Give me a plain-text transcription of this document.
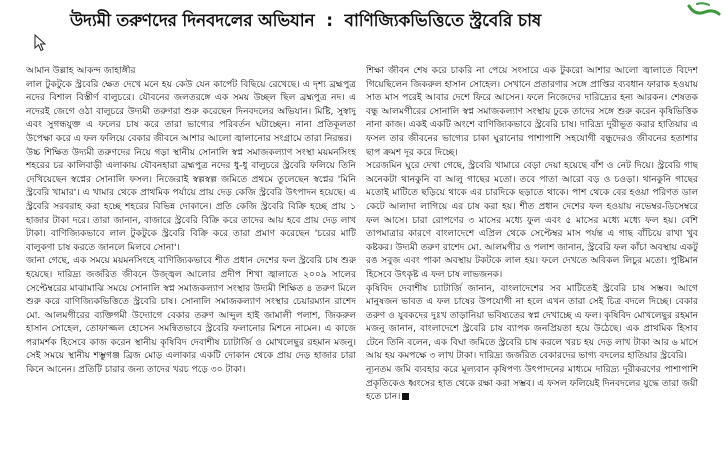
উদ্যমী তরুণদের দিনবদলের অভিযান : বাণিজ্যিকভিত্তিতে স্ট্রবেরি চাষ

আমান উল্লাহ আকন্দ জাহাঙ্গীর

লাল টুকটুকে স্ট্রবেরি ক্ষেত দেখে মনে হয় কেউ যেন কার্পেট বিছিয়ে রেখেছে। এ দৃশ্য ব্রহ্মপুত্র নদের বিশাল বিস্তীর্ণ বালুচরে। যৌবনের জলতরঙ্গে এক সময় উচ্ছল ছিল ব্রহ্মপুত্র নদ। এ নদেরই জেগে ওঠা বালুচরে উদ্যমী তরুণরা শুরু করেছেন দিনবদলের অভিযান। মিষ্টি, সুস্বাদু এবং সুগন্ধযুক্ত এ ফলের চাষ করে তারা ভাগ্যের পরিবর্তন ঘটাচ্ছেন। নানা প্রতিকূলতা উপেক্ষা করে এ ফল ফলিয়ে বেকার জীবনে আশার আলো জ্বালানোর সংগ্রামে তারা নিরন্তর।

উচ্চ শিক্ষিত উদ্যমী তরুণদের নিয়ে গড়া স্থানীয় সোনালি স্বপ্ন সমাজকল্যাণ সংস্থা ময়মনসিংহ শহরের চর কালিবাড়ী এলাকায় যৌবনহারা ব্রহ্মপুত্র নদের ধু-ধু বালুচরে স্ট্রবেরি ফলিয়ে তিনি দেখিয়েছেন স্বপ্নের সোনালি ফসল। নিজেরাই স্বল্পস্বল্প জমিতে প্রথমে তুলেছেন স্বপ্নের 'মিনি স্ট্রবেরি খামার'। এ খামার থেকে প্রাথমিক পর্যায়ে প্রায় দেড় কেজি স্ট্রবেরি উৎপাদন হয়েছে। এ স্ট্রবেরি সরবরাহ করা হচ্ছে শহরের বিভিন্ন দোকানে। প্রতি কেজি স্ট্রবেরি বিক্রি হচ্ছে প্রায় ১ হাজার টাকা দরে। তারা জানান, বাজারে স্ট্রবেরি বিক্রি করে তাদের আয় হবে প্রায় দেড় লাখ টাকা। বাণিজ্যিকভাবে লাল টুকটুকে স্ট্রবেরি বিক্রি করে তারা প্রমাণ করেছেন 'চরের মাটি বালুকণা চাষ করতে জানলে মিলবে সোনা'।

জানা গেছে, এক সময়ে ময়মনসিংহে বাণিজ্যিকভাবে শীত প্রধান দেশের ফল স্ট্রবেরি চাষ শুরু হয়েছে। দারিদ্র্য জর্জরিত জীবনে উজ্জ্বল আলোর প্রদীপ শিখা জ্বালাতে ২০০৯ সালের সেপ্টেম্বরের মাঝামাঝি সময়ে সোনালি স্বপ্ন সমাজকল্যাণ সংস্থার উদ্যমী শিক্ষিত ৪ তরুণ মিলে শুরু করে বাণিজ্যিকভিত্তিতে স্ট্রবেরি চাষ। সোনালি সমাজকল্যাণ সংস্থার চেয়ারম্যান রাশেদ মো. আলমগীরের ব্যক্তিগমী উদ্যোগে বেকার তরুণ আব্দুল হাই জামালী পলাশ, জিকরুল হাসান সোহেল, তোফাজ্জল হোসেন সমন্বিতভাবে স্ট্রবেরি ফলানোর মিশনে নামেন। এ কাজে পরামর্শক হিসেবে কাজ করেন স্থানীয় কৃষিবিদ দেবাশীষ চ্যাটার্জি ও মোখলেছুর রহমান মজনু। সেই সময়ে স্থানীয় শম্ভুগঞ্জ ব্রিজ মোড় এলাকার একটি দোকান থেকে প্রায় দেড় হাজার চারা কিনে আনেন। প্রতিটি চারার জন্য তাদের খরচ পড়ে ৩০ টাকা।

শিক্ষা জীবন শেষ করে চাকরি না পেয়ে সংসারে এক টুকরো আশার আলো জ্বালাতে বিদেশ গিয়েছিলেন জিকরুল হাসান সোহেল। সেখানে প্রতারণার সঙ্গে প্রাপ্তির ব্যবধান ফারাক হওয়ায় সাত মাস পরেই আবার দেশে ফিরে আসেন। ফলে নিজেদের দারিদ্র্যের হন্য আরকন। শেষতক বন্ধু আলমগীরের সোনালি স্বপ্ন সমাজকল্যাণ সংস্থায় ঢুকে তাদের সঙ্গে শুরু করেন কৃষিভিত্তিক নানা কাজ। একই একটি অংশে বাণিজ্যিকভাবে স্ট্রবেরি চাষ। দারিদ্র্য দুরীভূত করার হাতিয়ার এ ফসল তার জীবনের ভাগ্যের চাকা ঘুরানোর পাশাপাশি সহযোগী বন্ধুদেরও জীবনের হতাশার ছাপ ক্রমশ দূর করে দিচ্ছে।

সরেজমিন ঘুরে দেখা গেছে, স্ট্রবেরি খামারে বেড়া দেয়া হয়েছে বাঁশ ও নেট দিয়ে। স্ট্রবেরি গাছ অনেকটা থানকুনি বা আলু গাছের মতো। তবে পাতা আরো বড় ও চওড়া। থানকুনি গাছের মতোই মাটিতে ছড়িয়ে থাকে এর চারদিকে ছড়াতে থাকে। পাশ থেকে বের হওয়া পরিণত ডাল কেটে আলাদা লাগিয়ে এর চাষ করা হয়। শীত প্রধান দেশের ফল হওয়ায় নভেম্বর-ডিসেম্বরে ফল আসে। চারা রোপণের ৩ মাসের মধ্যে ফুল এবং ৫ মাসের মধ্যে মধ্যে ফল হয়। বেশি তাপমাত্রার কারণে বাংলাদেশে এপ্রিল থেকে সেপ্টেম্বর মাস পর্যন্ত এ গাছ বাঁচিয়ে রাখা খুব কষ্টকর। উদ্যমী তরুণ রাশেদ মো. আলমগীর ও পলাশ জানান, স্ট্রবেরি ফল কাঁচা অবস্থায় একটু রঙ সবুজ এবং পাকা অবস্থায় টকটকে লাল হয়। ফলে দেখতে অবিকল লিচুর মতো। পুষ্টিমান হিসেবে উৎকৃষ্ট এ ফল চাষ লাভজনক।

কৃষিবিদ দেবাশীষ চ্যাটার্জি জানান, বাংলাদেশের সব মাটিতেই স্ট্রবেরি চাষ সম্ভব। আগে মানুষজন ভাবত এ ফল চাষের উপযোগী না হলে এখন তারা সেই চিত্র বদলে দিচ্ছে। বেকার তরুণ ও যুবকদের দুঃখ তাড়ানিয়া ভবিষ্যতের স্বপ্ন দেখাচ্ছে এ ফল। কৃষিবিদ মোখলেছুর রহমান মজনু জানান, বাংলাদেশে স্ট্রবেরি চাষ ব্যাপক জনপ্রিয়তা হয়ে উঠেছে। এক প্রাথমিক হিসাব টেনে তিনি বলেন, এক বিঘা জমিতে স্ট্রবেরি চাষ করলে খরচ হয় দেড় লাখ টাকা আর ৬ মাসে আয় হয় কমপক্ষে ৩ লাখ টাকা। দারিদ্র্য জর্জরিত বেকারদের ভাগ্য বদলের হাতিয়ার স্ট্রবেরি।

ন্যূনতম জমি ব্যবহার করে মূল্যবান কৃষিপণ্য উৎপাদনের মাধ্যমে দারিদ্র্য দূরীকরণের পাশাপাশি প্রকৃতিকেও ধ্বংসের হাত থেকে রক্ষা করা সম্ভব। এ ফসল ফলিয়েই দিনবদলের যুদ্ধে তারা জয়ী হতে চান।
